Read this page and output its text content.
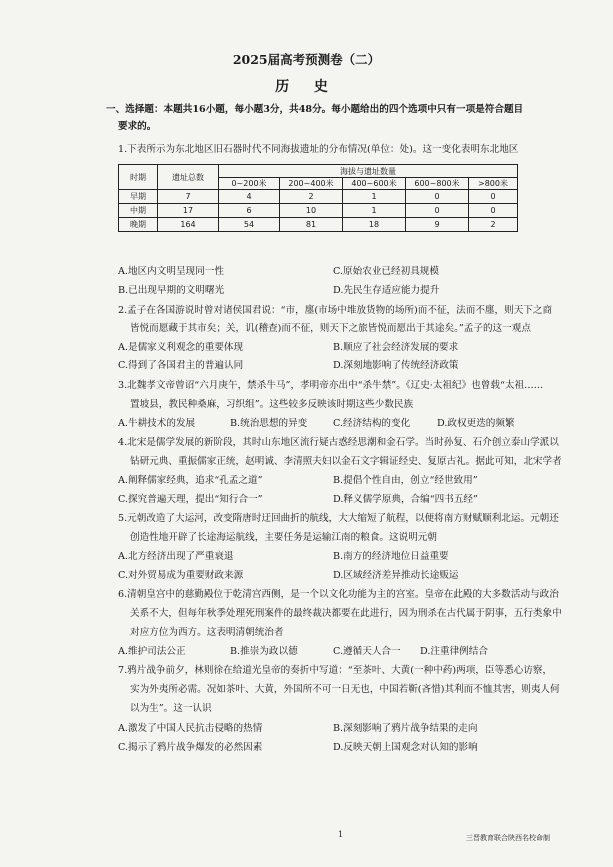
2025届高考预测卷（二）
历 史
一、选择题：本题共16小题，每小题3分，共48分。每小题给出的四个选项中只有一项是符合题目
要求的。
1.下表所示为东北地区旧石器时代不同海拔遗址的分布情况(单位：处)。这一变化表明东北地区
时期	遗址总数	海拔与遗址数量				
		0~200米	200~400米	400~600米	600~800米	>800米
早期	7	4	2	1	0	0
中期	17	6	10	1	0	0
晚期	164	54	81	18	9	2
A.地区内文明呈现同一性	C.原始农业已经初具规模
B.已出现早期的文明曙光	D.先民生存适应能力提升
2.孟子在各国游说时曾对诸侯国君说：“市，廛(市场中堆放货物的场所)而不征，法而不廛，则天下之商
皆悦而愿藏于其市矣；关，讥(稽查)而不征，则天下之旅皆悦而愿出于其途矣。”孟子的这一观点
A.是儒家义利观念的重要体现	B.顺应了社会经济发展的要求
C.得到了各国君主的普遍认同	D.深刻地影响了传统经济政策
3.北魏孝文帝曾诏“六月庚午，禁杀牛马”，孝明帝亦出中“杀牛禁”。《辽史·太祖纪》也曾载“太祖……
置坡县，教民种桑麻，习织组”。这些较多反映该时期这些少数民族
A.牛耕技术的发展	B.统治思想的异变	C.经济结构的变化	D.政权更迭的频繁
4.北宋是儒学发展的新阶段，其时山东地区流行疑古惑经思潮和金石学。当时孙复、石介创立泰山学派以
钻研元典、重振儒家正统，赵明诚、李清照夫妇以金石文字辑证经史、复原古礼。据此可知，北宋学者
A.阐释儒家经典，追求“孔孟之道”	B.提倡个性自由，创立“经世致用”
C.探究普遍天理，提出“知行合一”	D.释义儒学原典，合编“四书五经”
5.元朝改造了大运河，改变隋唐时迂回曲折的航线，大大缩短了航程，以便将南方财赋顺利北运。元朝还
创造性地开辟了长途海运航线，主要任务是运输江南的粮食。这说明元朝
A.北方经济出现了严重衰退	B.南方的经济地位日益重要
C.对外贸易成为重要财政来源	D.区域经济差异推动长途贩运
6.清朝皇宫中的慈勤殿位于乾清宫西侧，是一个以文化功能为主的宫室。皇帝在此殿的大多数活动与政治
关系不大，但每年秋季处理死刑案件的最终裁决都要在此进行，因为刑杀在古代属于阴事，五行类象中
对应方位为西方。这表明清朝统治者
A.维护司法公正	B.推崇为政以德	C.遵循天人合一 D.注重律例结合
7.鸦片战争前夕，林则徐在给道光皇帝的奏折中写道：“至茶叶、大黄(一种中药)两项，臣等悉心访察，
实为外夷所必需。况如茶叶、大黄，外国所不可一日无也，中国若靳(吝惜)其利而不恤其害，则夷人何
以为生”。这一认识
A.激发了中国人民抗击侵略的热情	B.深刻影响了鸦片战争结果的走向
C.揭示了鸦片战争爆发的必然因素	D.反映天朝上国观念对认知的影响
1	三晋教育联合陕西名校命制
